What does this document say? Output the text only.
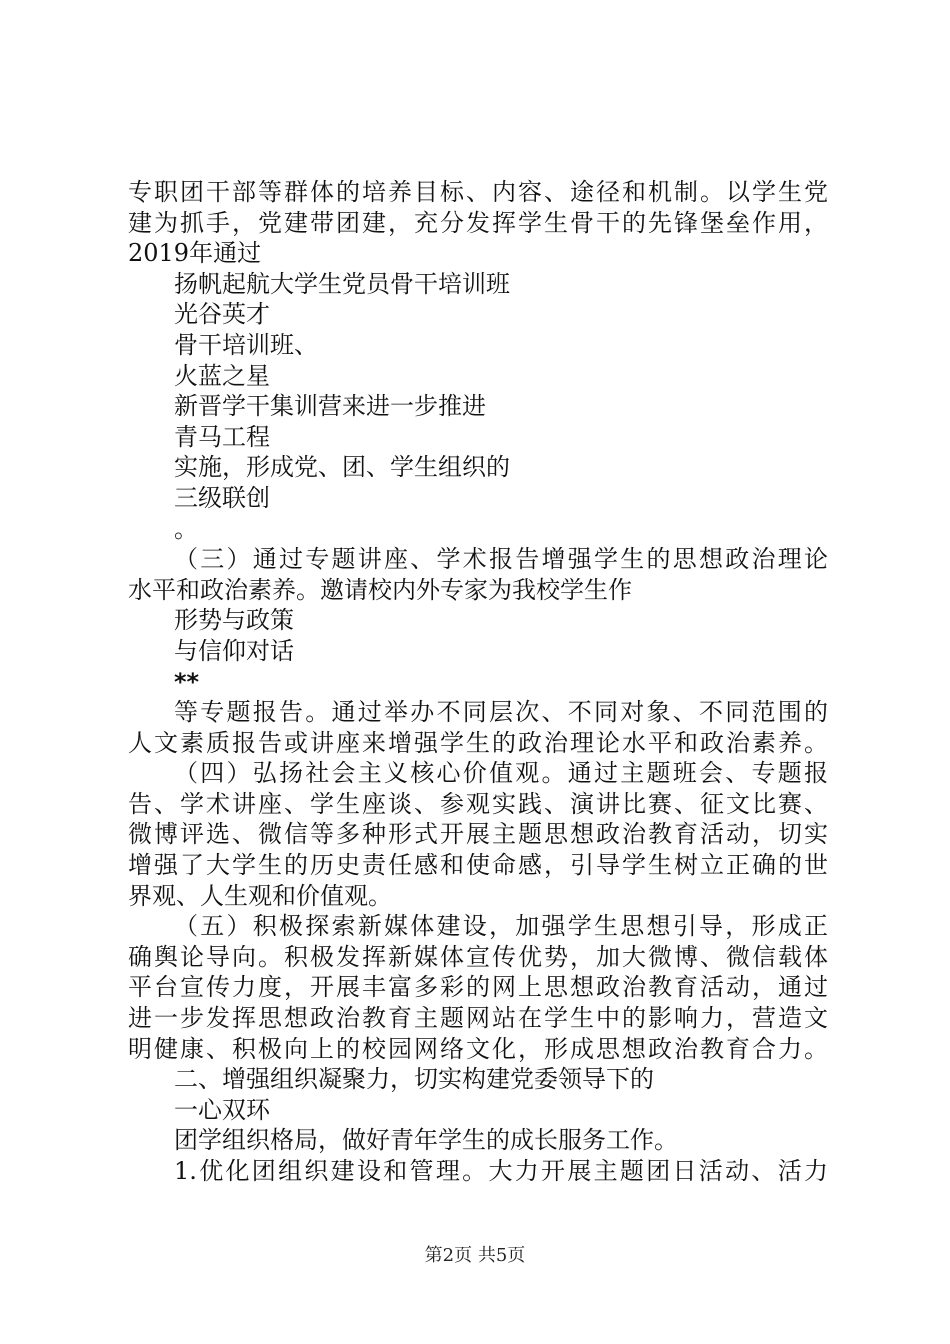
专职团干部等群体的培养目标、内容、途径和机制。以学生党
建为抓手，党建带团建，充分发挥学生骨干的先锋堡垒作用，
2019年通过
扬帆起航大学生党员骨干培训班
光谷英才
骨干培训班、
火蓝之星
新晋学干集训营来进一步推进
青马工程
实施，形成党、团、学生组织的
三级联创
。
（三）通过专题讲座、学术报告增强学生的思想政治理论
水平和政治素养。邀请校内外专家为我校学生作
形势与政策
与信仰对话
**
等专题报告。通过举办不同层次、不同对象、不同范围的
人文素质报告或讲座来增强学生的政治理论水平和政治素养。
（四）弘扬社会主义核心价值观。通过主题班会、专题报
告、学术讲座、学生座谈、参观实践、演讲比赛、征文比赛、
微博评选、微信等多种形式开展主题思想政治教育活动，切实
增强了大学生的历史责任感和使命感，引导学生树立正确的世
界观、人生观和价值观。
（五）积极探索新媒体建设，加强学生思想引导，形成正
确舆论导向。积极发挥新媒体宣传优势，加大微博、微信载体
平台宣传力度，开展丰富多彩的网上思想政治教育活动，通过
进一步发挥思想政治教育主题网站在学生中的影响力，营造文
明健康、积极向上的校园网络文化，形成思想政治教育合力。
二、增强组织凝聚力，切实构建党委领导下的
一心双环
团学组织格局，做好青年学生的成长服务工作。
1.优化团组织建设和管理。大力开展主题团日活动、活力
第2页 共5页
